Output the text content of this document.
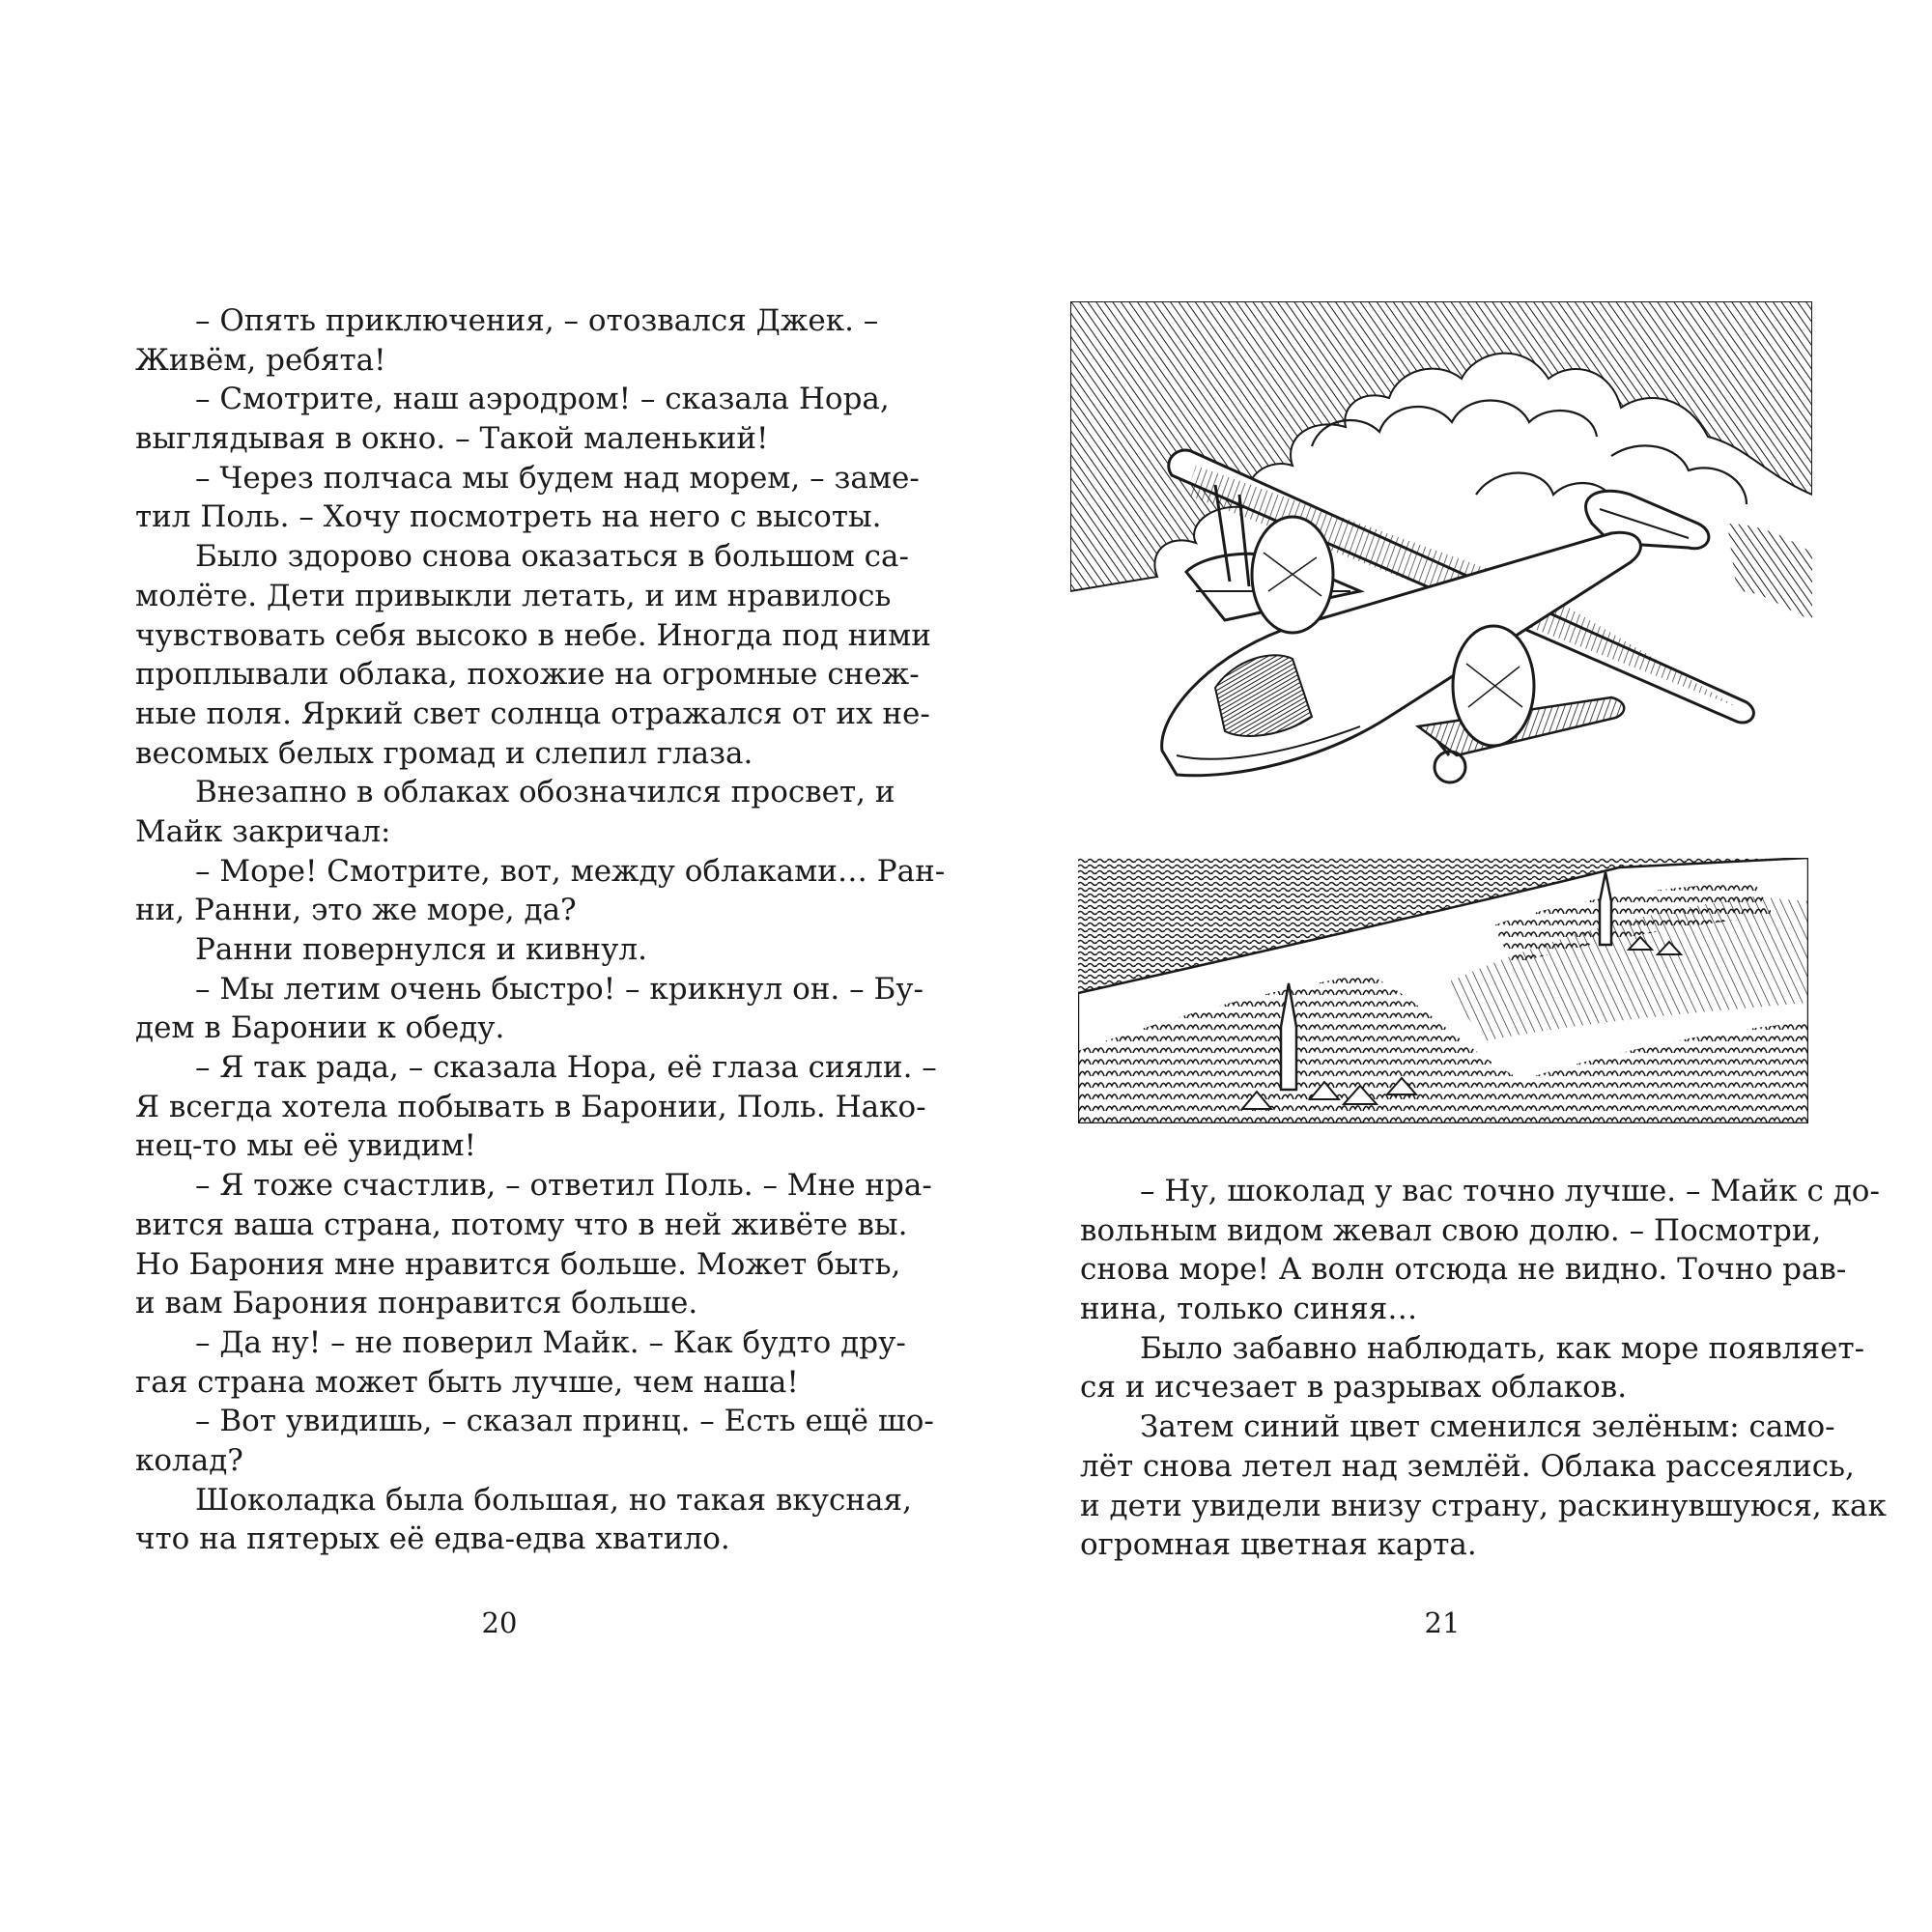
– Опять приключения, – отозвался Джек. –
Живём, ребята!
– Смотрите, наш аэродром! – сказала Нора,
выглядывая в окно. – Такой маленький!
– Через полчаса мы будем над морем, – заме-
тил Поль. – Хочу посмотреть на него с высоты.
Было здорово снова оказаться в большом са-
молёте. Дети привыкли летать, и им нравилось
чувствовать себя высоко в небе. Иногда под ними
проплывали облака, похожие на огромные снеж-
ные поля. Яркий свет солнца отражался от их не-
весомых белых громад и слепил глаза.
Внезапно в облаках обозначился просвет, и
Майк закричал:
– Море! Смотрите, вот, между облаками… Ран-
ни, Ранни, это же море, да?
Ранни повернулся и кивнул.
– Мы летим очень быстро! – крикнул он. – Бу-
дем в Баронии к обеду.
– Я так рада, – сказала Нора, её глаза сияли. –
Я всегда хотела побывать в Баронии, Поль. Нако-
нец-то мы её увидим!
– Я тоже счастлив, – ответил Поль. – Мне нра-
вится ваша страна, потому что в ней живёте вы.
Но Барония мне нравится больше. Может быть,
и вам Барония понравится больше.
– Да ну! – не поверил Майк. – Как будто дру-
гая страна может быть лучше, чем наша!
– Вот увидишь, – сказал принц. – Есть ещё шо-
колад?
Шоколадка была большая, но такая вкусная,
что на пятерых её едва-едва хватило.
20
– Ну, шоколад у вас точно лучше. – Майк с до-
вольным видом жевал свою долю. – Посмотри,
снова море! А волн отсюда не видно. Точно рав-
нина, только синяя…
Было забавно наблюдать, как море появляет-
ся и исчезает в разрывах облаков.
Затем синий цвет сменился зелёным: само-
лёт снова летел над землёй. Облака рассеялись,
и дети увидели внизу страну, раскинувшуюся, как
огромная цветная карта.
21
